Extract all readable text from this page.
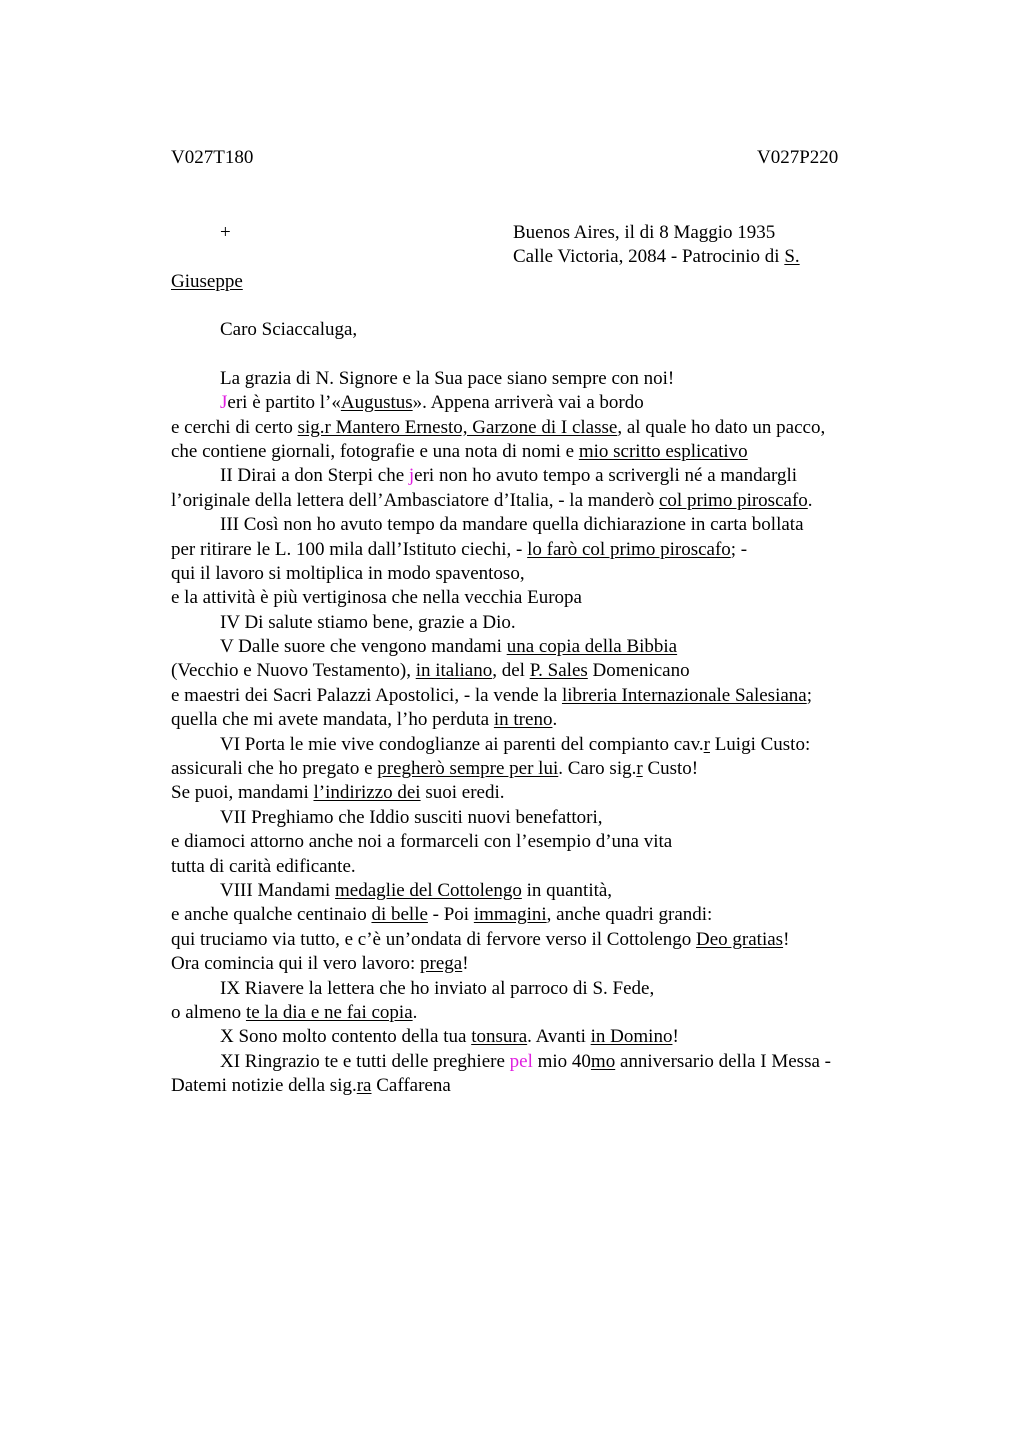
V027T180	V027P220
+	Buenos Aires, il di 8 Maggio 1935
Calle Victoria, 2084 - Patrocinio di S.
Giuseppe
Caro Sciaccaluga,
La grazia di N. Signore e la Sua pace siano sempre con noi!
Jeri è partito l’«Augustus». Appena arriverà vai a bordo
e cerchi di certo sig.r Mantero Ernesto, Garzone di I classe, al quale ho dato un pacco,
che contiene giornali, fotografie e una nota di nomi e mio scritto esplicativo
II Dirai a don Sterpi che jeri non ho avuto tempo a scrivergli né a mandargli
l’originale della lettera dell’Ambasciatore d’Italia, - la manderò col primo piroscafo.
III Così non ho avuto tempo da mandare quella dichiarazione in carta bollata
per ritirare le L. 100 mila dall’Istituto ciechi, - lo farò col primo piroscafo; -
qui il lavoro si moltiplica in modo spaventoso,
e la attività è più vertiginosa che nella vecchia Europa
IV Di salute stiamo bene, grazie a Dio.
V Dalle suore che vengono mandami una copia della Bibbia
(Vecchio e Nuovo Testamento), in italiano, del P. Sales Domenicano
e maestri dei Sacri Palazzi Apostolici, - la vende la libreria Internazionale Salesiana;
quella che mi avete mandata, l’ho perduta in treno.
VI Porta le mie vive condoglianze ai parenti del compianto cav.r Luigi Custo:
assicurali che ho pregato e pregherò sempre per lui. Caro sig.r Custo!
Se puoi, mandami l’indirizzo dei suoi eredi.
VII Preghiamo che Iddio susciti nuovi benefattori,
e diamoci attorno anche noi a formarceli con l’esempio d’una vita
tutta di carità edificante.
VIII Mandami medaglie del Cottolengo in quantità,
e anche qualche centinaio di belle - Poi immagini, anche quadri grandi:
qui truciamo via tutto, e c’è un’ondata di fervore verso il Cottolengo Deo gratias!
Ora comincia qui il vero lavoro: prega!
IX Riavere la lettera che ho inviato al parroco di S. Fede,
o almeno te la dia e ne fai copia.
X Sono molto contento della tua tonsura. Avanti in Domino!
XI Ringrazio te e tutti delle preghiere pel mio 40mo anniversario della I Messa -
Datemi notizie della sig.ra Caffarena
